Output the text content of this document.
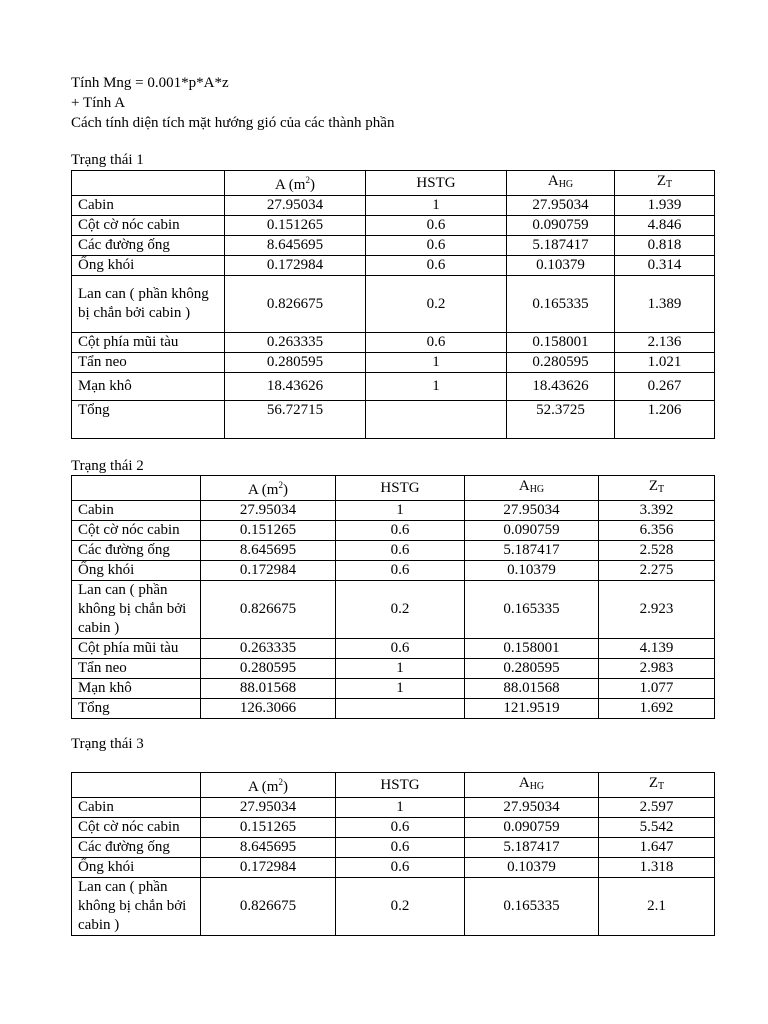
Tính Mng = 0.001*p*A*z
+ Tính A
Cách tính diện tích mặt hướng gió của các thành phần
Trạng thái 1
	A $(m^2)$	HSTG	$A_{HG}$	$Z_T$
Cabin	27.95034	1	27.95034	1.939
Cột cờ nóc cabin	0.151265	0.6	0.090759	4.846
Các đường ống	8.645695	0.6	5.187417	0.818
Ống khói	0.172984	0.6	0.10379	0.314
Lan can ( phần không bị chắn bởi cabin )	0.826675	0.2	0.165335	1.389
Cột phía mũi tàu	0.263335	0.6	0.158001	2.136
Tẩn neo	0.280595	1	0.280595	1.021
Mạn khô	18.43626	1	18.43626	0.267
Tổng	56.72715		52.3725	1.206
Trạng thái 2
	A $(m^2)$	HSTG	$A_{HG}$	$Z_T$
Cabin	27.95034	1	27.95034	3.392
Cột cờ nóc cabin	0.151265	0.6	0.090759	6.356
Các đường ống	8.645695	0.6	5.187417	2.528
Ống khói	0.172984	0.6	0.10379	2.275
Lan can ( phần không bị chắn bởi cabin )	0.826675	0.2	0.165335	2.923
Cột phía mũi tàu	0.263335	0.6	0.158001	4.139
Tẩn neo	0.280595	1	0.280595	2.983
Mạn khô	88.01568	1	88.01568	1.077
Tổng	126.3066		121.9519	1.692
Trạng thái 3
	A $(m^2)$	HSTG	$A_{HG}$	$Z_T$
Cabin	27.95034	1	27.95034	2.597
Cột cờ nóc cabin	0.151265	0.6	0.090759	5.542
Các đường ống	8.645695	0.6	5.187417	1.647
Ống khói	0.172984	0.6	0.10379	1.318
Lan can ( phần không bị chắn bởi cabin )	0.826675	0.2	0.165335	2.1
